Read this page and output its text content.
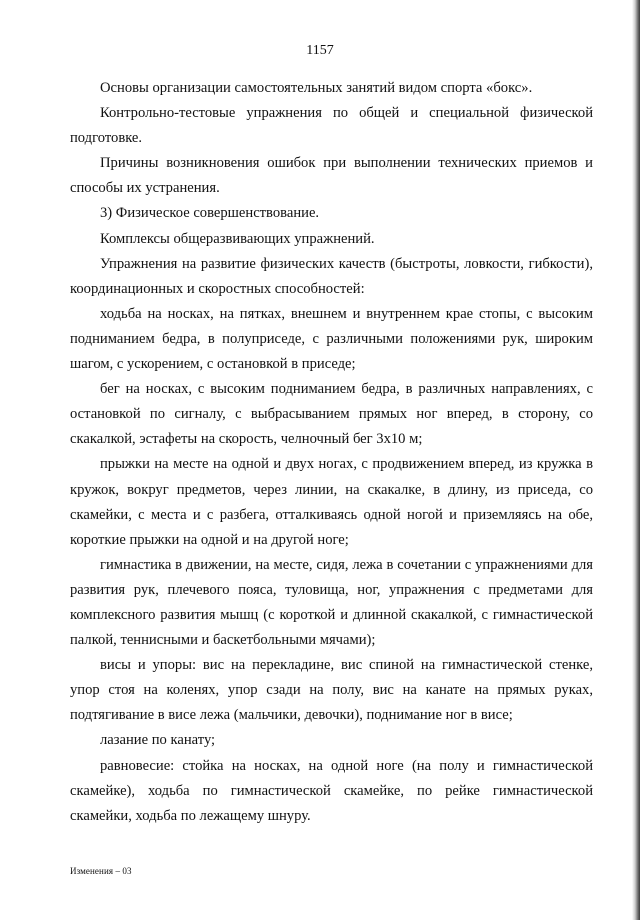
1157

Основы организации самостоятельных занятий видом спорта «бокс».

Контрольно-тестовые упражнения по общей и специальной физической подготовке.

Причины возникновения ошибок при выполнении технических приемов и способы их устранения.

3) Физическое совершенствование.

Комплексы общеразвивающих упражнений.

Упражнения на развитие физических качеств (быстроты, ловкости, гибкости), координационных и скоростных способностей:

ходьба на носках, на пятках, внешнем и внутреннем крае стопы, с высоким подниманием бедра, в полуприседе, с различными положениями рук, широким шагом, с ускорением, с остановкой в приседе;

бег на носках, с высоким подниманием бедра, в различных направлениях, с остановкой по сигналу, с выбрасыванием прямых ног вперед, в сторону, со скакалкой, эстафеты на скорость, челночный бег 3х10 м;

прыжки на месте на одной и двух ногах, с продвижением вперед, из кружка в кружок, вокруг предметов, через линии, на скакалке, в длину, из приседа, со скамейки, с места и с разбега, отталкиваясь одной ногой и приземляясь на обе, короткие прыжки на одной и на другой ноге;

гимнастика в движении, на месте, сидя, лежа в сочетании с упражнениями для развития рук, плечевого пояса, туловища, ног, упражнения с предметами для комплексного развития мышц (с короткой и длинной скакалкой, с гимнастической палкой, теннисными и баскетбольными мячами);

висы и упоры: вис на перекладине, вис спиной на гимнастической стенке, упор стоя на коленях, упор сзади на полу, вис на канате на прямых руках, подтягивание в висе лежа (мальчики, девочки), поднимание ног в висе;

лазание по канату;

равновесие: стойка на носках, на одной ноге (на полу и гимнастической скамейке), ходьба по гимнастической скамейке, по рейке гимнастической скамейки, ходьба по лежащему шнуру.

Изменения – 03
